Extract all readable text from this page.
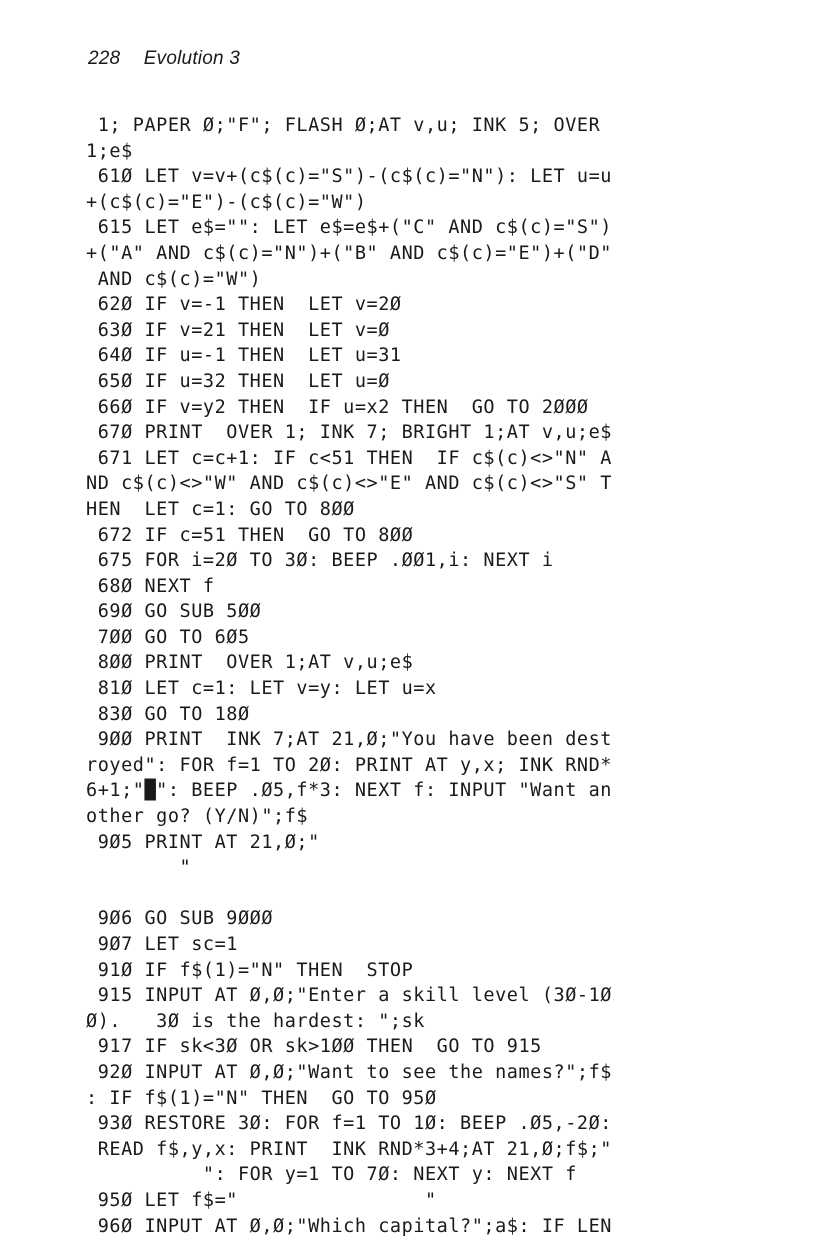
228 Evolution 3
1; PAPER Ø;"F"; FLASH Ø;AT v,u; INK 5; OVER
1;e$
61Ø LET v=v+(c$(c)="S")-(c$(c)="N"): LET u=u
+(c$(c)="E")-(c$(c)="W")
615 LET e$="": LET e$=e$+("C" AND c$(c)="S")
+("A" AND c$(c)="N")+("B" AND c$(c)="E")+("D"
AND c$(c)="W")
62Ø IF v=-1 THEN  LET v=2Ø
63Ø IF v=21 THEN  LET v=Ø
64Ø IF u=-1 THEN  LET u=31
65Ø IF u=32 THEN  LET u=Ø
66Ø IF v=y2 THEN  IF u=x2 THEN  GO TO 2ØØØ
67Ø PRINT  OVER 1; INK 7; BRIGHT 1;AT v,u;e$
671 LET c=c+1: IF c<51 THEN  IF c$(c)<>"N" A
ND c$(c)<>"W" AND c$(c)<>"E" AND c$(c)<>"S" T
HEN  LET c=1: GO TO 8ØØ
672 IF c=51 THEN  GO TO 8ØØ
675 FOR i=2Ø TO 3Ø: BEEP .ØØ1,i: NEXT i
68Ø NEXT f
69Ø GO SUB 5ØØ
7ØØ GO TO 6Ø5
8ØØ PRINT  OVER 1;AT v,u;e$
81Ø LET c=1: LET v=y: LET u=x
83Ø GO TO 18Ø
9ØØ PRINT  INK 7;AT 21,Ø;"You have been dest
royed": FOR f=1 TO 2Ø: PRINT AT y,x; INK RND*
6+1;"█": BEEP .Ø5,f*3: NEXT f: INPUT "Want an
other go? (Y/N)";f$
9Ø5 PRINT AT 21,Ø;"
"
9Ø6 GO SUB 9ØØØ
9Ø7 LET sc=1
91Ø IF f$(1)="N" THEN  STOP
915 INPUT AT Ø,Ø;"Enter a skill level (3Ø-1Ø
Ø).   3Ø is the hardest: ";sk
917 IF sk<3Ø OR sk>1ØØ THEN  GO TO 915
92Ø INPUT AT Ø,Ø;"Want to see the names?";f$
: IF f$(1)="N" THEN  GO TO 95Ø
93Ø RESTORE 3Ø: FOR f=1 TO 1Ø: BEEP .Ø5,-2Ø:
READ f$,y,x: PRINT  INK RND*3+4;AT 21,Ø;f$;"
": FOR y=1 TO 7Ø: NEXT y: NEXT f
95Ø LET f$="                "
96Ø INPUT AT Ø,Ø;"Which capital?";a$: IF LEN
